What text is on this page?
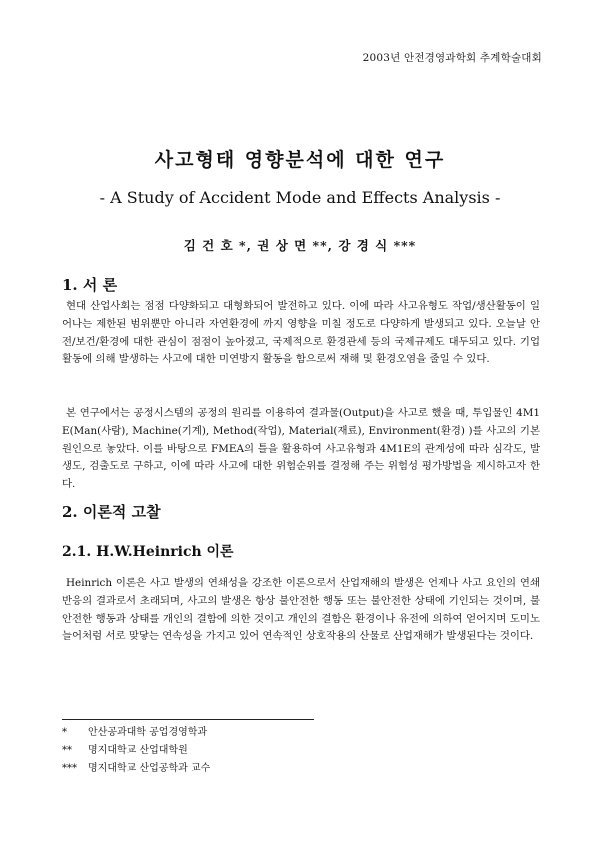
2003년 안전경영과학회 추계학술대회
사고형태 영향분석에 대한 연구
- A Study of Accident Mode and Effects Analysis -
김 건 호 *, 권 상 면 **, 강 경 식 ***
1. 서 론
현대 산업사회는 점점 다양화되고 대형화되어 발전하고 있다. 이에 따라 사고유형도 작업/생산활동이 일어나는 제한된 범위뿐만 아니라 자연환경에 까지 영향을 미칠 정도로 다양하게 발생되고 있다. 오늘날 안전/보건/환경에 대한 관심이 점점이 높아졌고, 국제적으로 환경관세 등의 국제규제도 대두되고 있다. 기업활동에 의해 발생하는 사고에 대한 미연방지 활동을 함으로써 재해 및 환경오염을 줄일 수 있다.
본 연구에서는 공정시스템의 공정의 원리를 이용하여 결과물(Output)을 사고로 했을 때, 투입물인 4M1E(Man(사람), Machine(기계), Method(작업), Material(재료), Environment(환경) )를 사고의 기본원인으로 놓았다. 이를 바탕으로 FMEA의 틀을 활용하여 사고유형과 4M1E의 관계성에 따라 심각도, 발생도, 검출도로 구하고, 이에 따라 사고에 대한 위험순위를 결정해 주는 위험성 평가방법을 제시하고자 한다.
2. 이론적 고찰
2.1. H.W.Heinrich 이론
Heinrich 이론은 사고 발생의 연쇄성을 강조한 이론으로서 산업재해의 발생은 언제나 사고 요인의 연쇄반응의 결과로서 초래되며, 사고의 발생은 항상 불안전한 행동 또는 불안전한 상태에 기인되는 것이며, 불안전한 행동과 상태를 개인의 결함에 의한 것이고 개인의 결함은 환경이나 유전에 의하여 얻어지며 도미노 늘어처럼 서로 맞닿는 연속성을 가지고 있어 연속적인 상호작용의 산물로 산업재해가 발생된다는 것이다.
* 안산공과대학 공업경영학과
** 명지대학교 산업대학원
*** 명지대학교 산업공학과 교수
